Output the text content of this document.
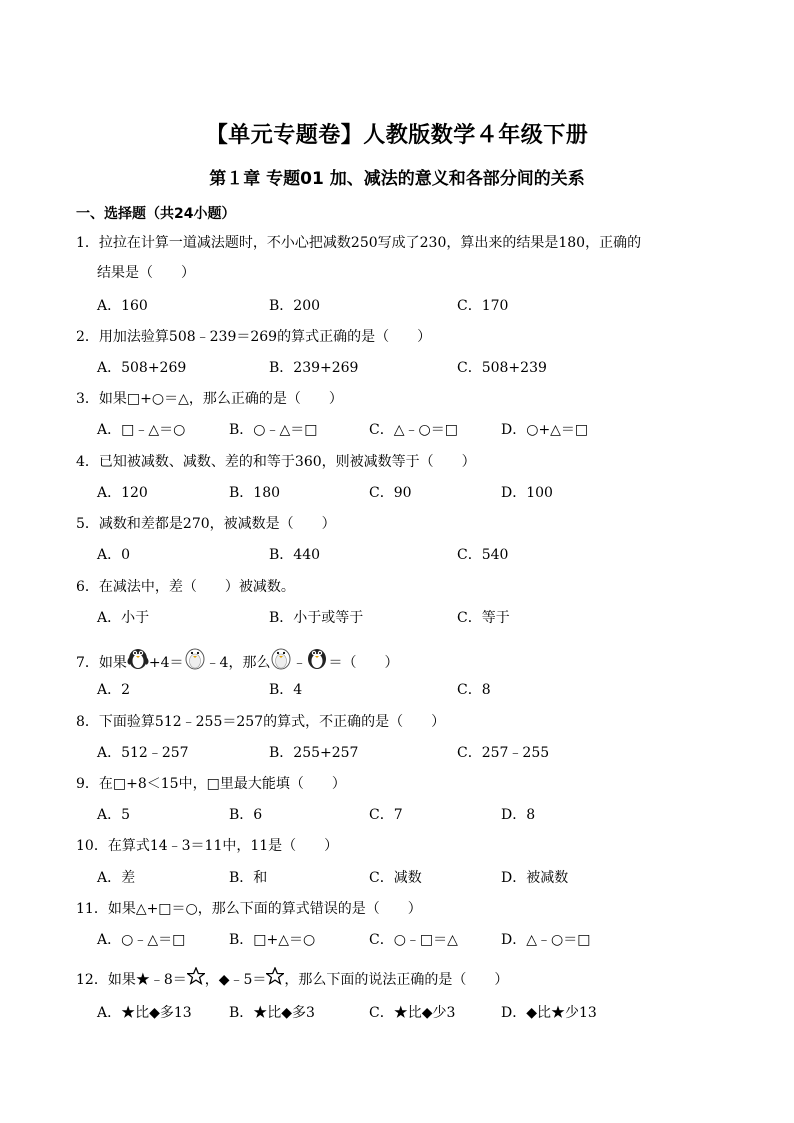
【单元专题卷】人教版数学４年级下册
第１章 专题01 加、减法的意义和各部分间的关系
一、选择题（共24小题）
1．拉拉在计算一道减法题时，不小心把减数250写成了230，算出来的结果是180，正确的
结果是（　　）
A．160	B．200	C．170
2．用加法验算508﹣239＝269的算式正确的是（　　）
A．508+269	B．239+269	C．508+239
3．如果□+○＝△，那么正确的是（　　）
A．□﹣△＝○	B．○﹣△＝□	C．△﹣○＝□	D．○+△＝□
4．已知被减数、减数、差的和等于360，则被减数等于（　　）
A．120	B．180	C．90	D．100
5．减数和差都是270，被减数是（　　）
A．0	B．440	C．540
6．在减法中，差（　　）被减数。
A．小于	B．小于或等于	C．等于
7．如果 +4＝ ﹣4，那么 ﹣ ＝（　　）
A．2	B．4	C．8
8．下面验算512﹣255＝257的算式，不正确的是（　　）
A．512﹣257	B．255+257	C．257﹣255
9．在□+8＜15中，□里最大能填（　　）
A．5	B．6	C．7	D．8
10．在算式14﹣3＝11中，11是（　　）
A．差	B．和	C．减数	D．被减数
11．如果△+□＝○，那么下面的算式错误的是（　　）
A．○﹣△＝□	B．□+△＝○	C．○﹣□＝△	D．△﹣○＝□
12．如果★﹣8＝ ，◆﹣5＝ ，那么下面的说法正确的是（　　）
A．★比◆多13	B．★比◆多3	C．★比◆少3	D．◆比★少13
